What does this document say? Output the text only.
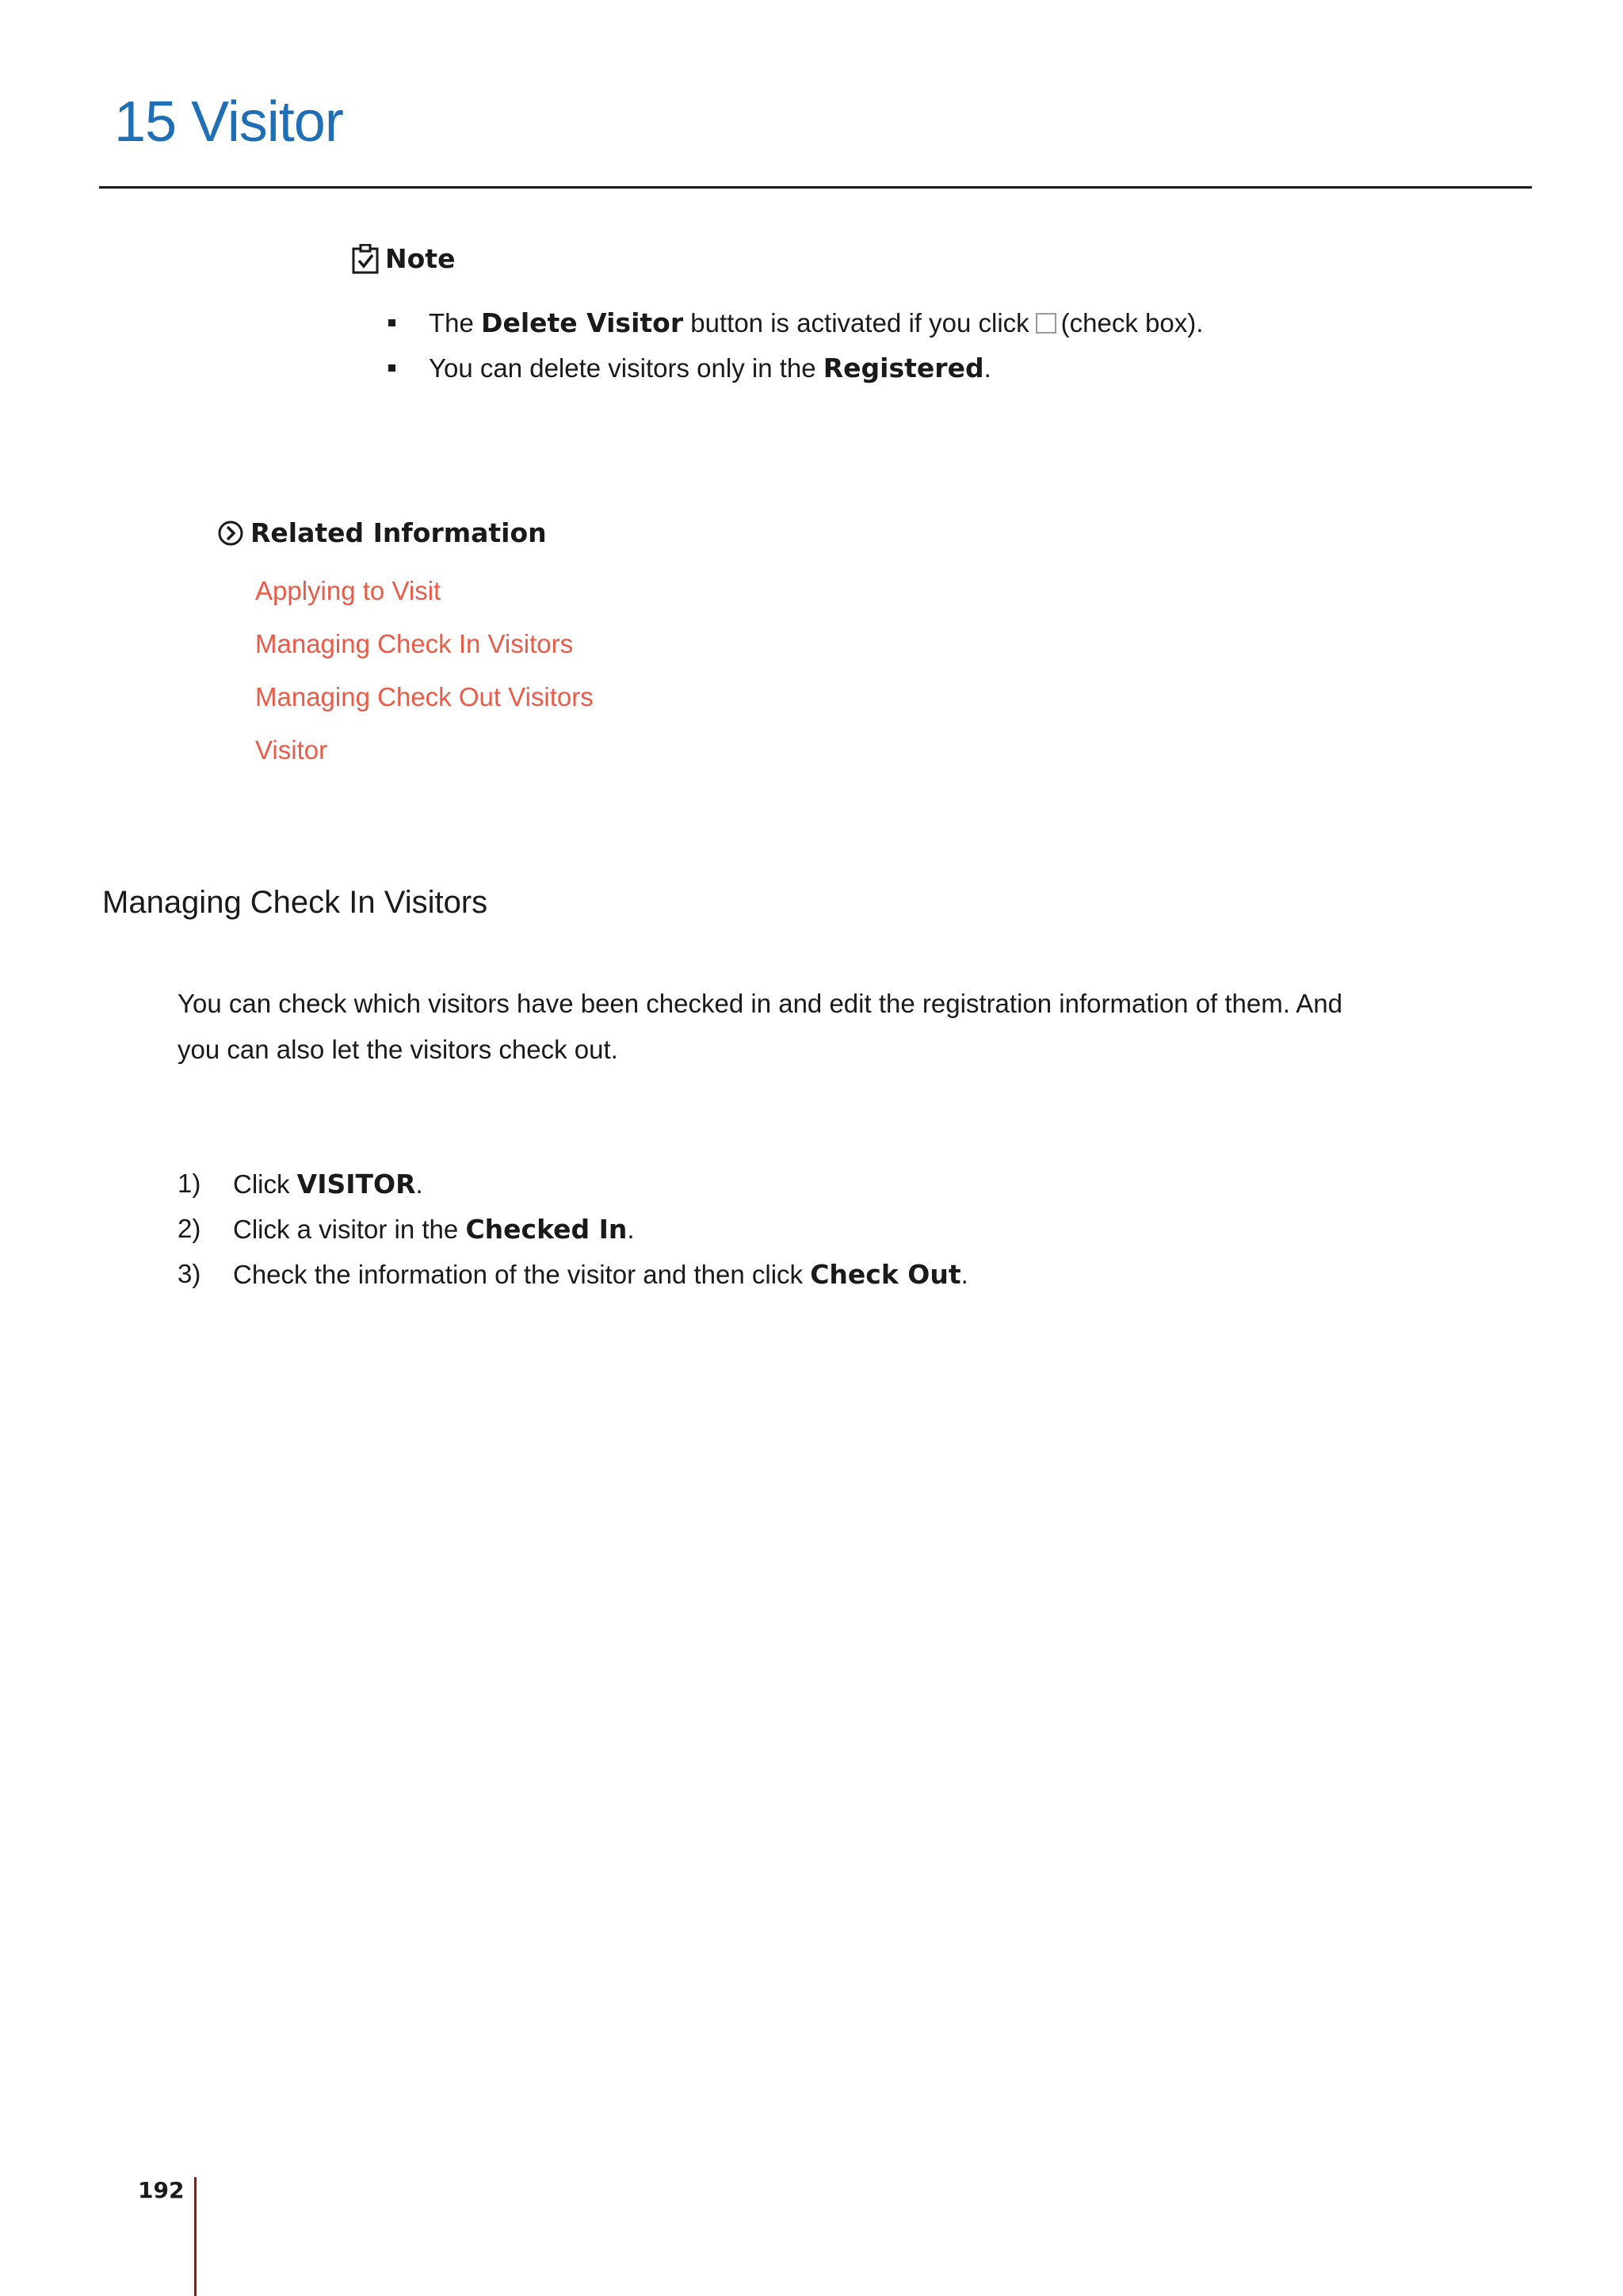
15 Visitor
Note
The Delete Visitor button is activated if you click (check box).
You can delete visitors only in the Registered.
Related Information
Applying to Visit
Managing Check In Visitors
Managing Check Out Visitors
Visitor
Managing Check In Visitors
You can check which visitors have been checked in and edit the registration information of them. And
you can also let the visitors check out.
1)	Click VISITOR.
2)	Click a visitor in the Checked In.
3)	Check the information of the visitor and then click Check Out.
192
